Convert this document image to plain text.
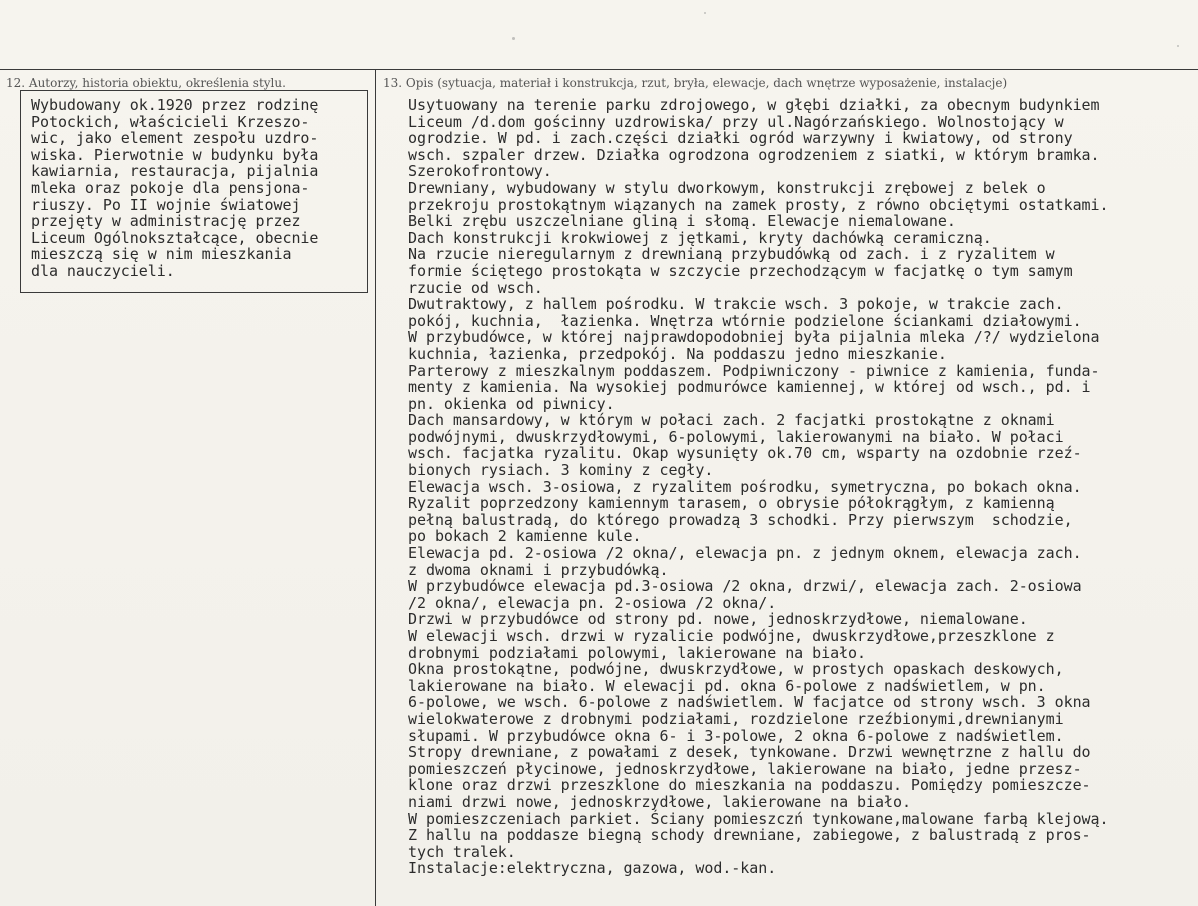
12. Autorzy, historia obiektu, określenia stylu.	13. Opis (sytuacja, materiał i konstrukcja, rzut, bryła, elewacje, dach wnętrze wyposażenie, instalacje)
Wybudowany ok.1920 przez rodzinę
Potockich, właścicieli Krzeszo-
wic, jako element zespołu uzdro-
wiska. Pierwotnie w budynku była
kawiarnia, restauracja, pijalnia
mleka oraz pokoje dla pensjona-
riuszy. Po II wojnie światowej
przejęty w administrację przez
Liceum Ogólnokształcące, obecnie
mieszczą się w nim mieszkania
dla nauczycieli.
Usytuowany na terenie parku zdrojowego, w głębi działki, za obecnym budynkiem
Liceum /d.dom gościnny uzdrowiska/ przy ul.Nagórzańskiego. Wolnostojący w
ogrodzie. W pd. i zach.części działki ogród warzywny i kwiatowy, od strony
wsch. szpaler drzew. Działka ogrodzona ogrodzeniem z siatki, w którym bramka.
Szerokofrontowy.
Drewniany, wybudowany w stylu dworkowym, konstrukcji zrębowej z belek o
przekroju prostokątnym wiązanych na zamek prosty, z równo obciętymi ostatkami.
Belki zrębu uszczelniane gliną i słomą. Elewacje niemalowane.
Dach konstrukcji krokwiowej z jętkami, kryty dachówką ceramiczną.
Na rzucie nieregularnym z drewnianą przybudówką od zach. i z ryzalitem w
formie ściętego prostokąta w szczycie przechodzącym w facjatkę o tym samym
rzucie od wsch.
Dwutraktowy, z hallem pośrodku. W trakcie wsch. 3 pokoje, w trakcie zach.
pokój, kuchnia,  łazienka. Wnętrza wtórnie podzielone ściankami działowymi.
W przybudówce, w której najprawdopodobniej była pijalnia mleka /?/ wydzielona
kuchnia, łazienka, przedpokój. Na poddaszu jedno mieszkanie.
Parterowy z mieszkalnym poddaszem. Podpiwniczony - piwnice z kamienia, funda-
menty z kamienia. Na wysokiej podmurówce kamiennej, w której od wsch., pd. i
pn. okienka od piwnicy.
Dach mansardowy, w którym w połaci zach. 2 facjatki prostokątne z oknami
podwójnymi, dwuskrzydłowymi, 6-polowymi, lakierowanymi na biało. W połaci
wsch. facjatka ryzalitu. Okap wysunięty ok.70 cm, wsparty na ozdobnie rzeź-
bionych rysiach. 3 kominy z cegły.
Elewacja wsch. 3-osiowa, z ryzalitem pośrodku, symetryczna, po bokach okna.
Ryzalit poprzedzony kamiennym tarasem, o obrysie półokrągłym, z kamienną
pełną balustradą, do którego prowadzą 3 schodki. Przy pierwszym  schodzie,
po bokach 2 kamienne kule.
Elewacja pd. 2-osiowa /2 okna/, elewacja pn. z jednym oknem, elewacja zach.
z dwoma oknami i przybudówką.
W przybudówce elewacja pd.3-osiowa /2 okna, drzwi/, elewacja zach. 2-osiowa
/2 okna/, elewacja pn. 2-osiowa /2 okna/.
Drzwi w przybudówce od strony pd. nowe, jednoskrzydłowe, niemalowane.
W elewacji wsch. drzwi w ryzalicie podwójne, dwuskrzydłowe,przeszklone z
drobnymi podziałami polowymi, lakierowane na biało.
Okna prostokątne, podwójne, dwuskrzydłowe, w prostych opaskach deskowych,
lakierowane na biało. W elewacji pd. okna 6-polowe z nadświetlem, w pn.
6-polowe, we wsch. 6-polowe z nadświetlem. W facjatce od strony wsch. 3 okna
wielokwaterowe z drobnymi podziałami, rozdzielone rzeźbionymi,drewnianymi
słupami. W przybudówce okna 6- i 3-polowe, 2 okna 6-polowe z nadświetlem.
Stropy drewniane, z powałami z desek, tynkowane. Drzwi wewnętrzne z hallu do
pomieszczeń płycinowe, jednoskrzydłowe, lakierowane na biało, jedne przesz-
klone oraz drzwi przeszklone do mieszkania na poddaszu. Pomiędzy pomieszcze-
niami drzwi nowe, jednoskrzydłowe, lakierowane na biało.
W pomieszczeniach parkiet. Ściany pomieszczń tynkowane,malowane farbą klejową.
Z hallu na poddasze biegną schody drewniane, zabiegowe, z balustradą z pros-
tych tralek.
Instalacje:elektryczna, gazowa, wod.-kan.
